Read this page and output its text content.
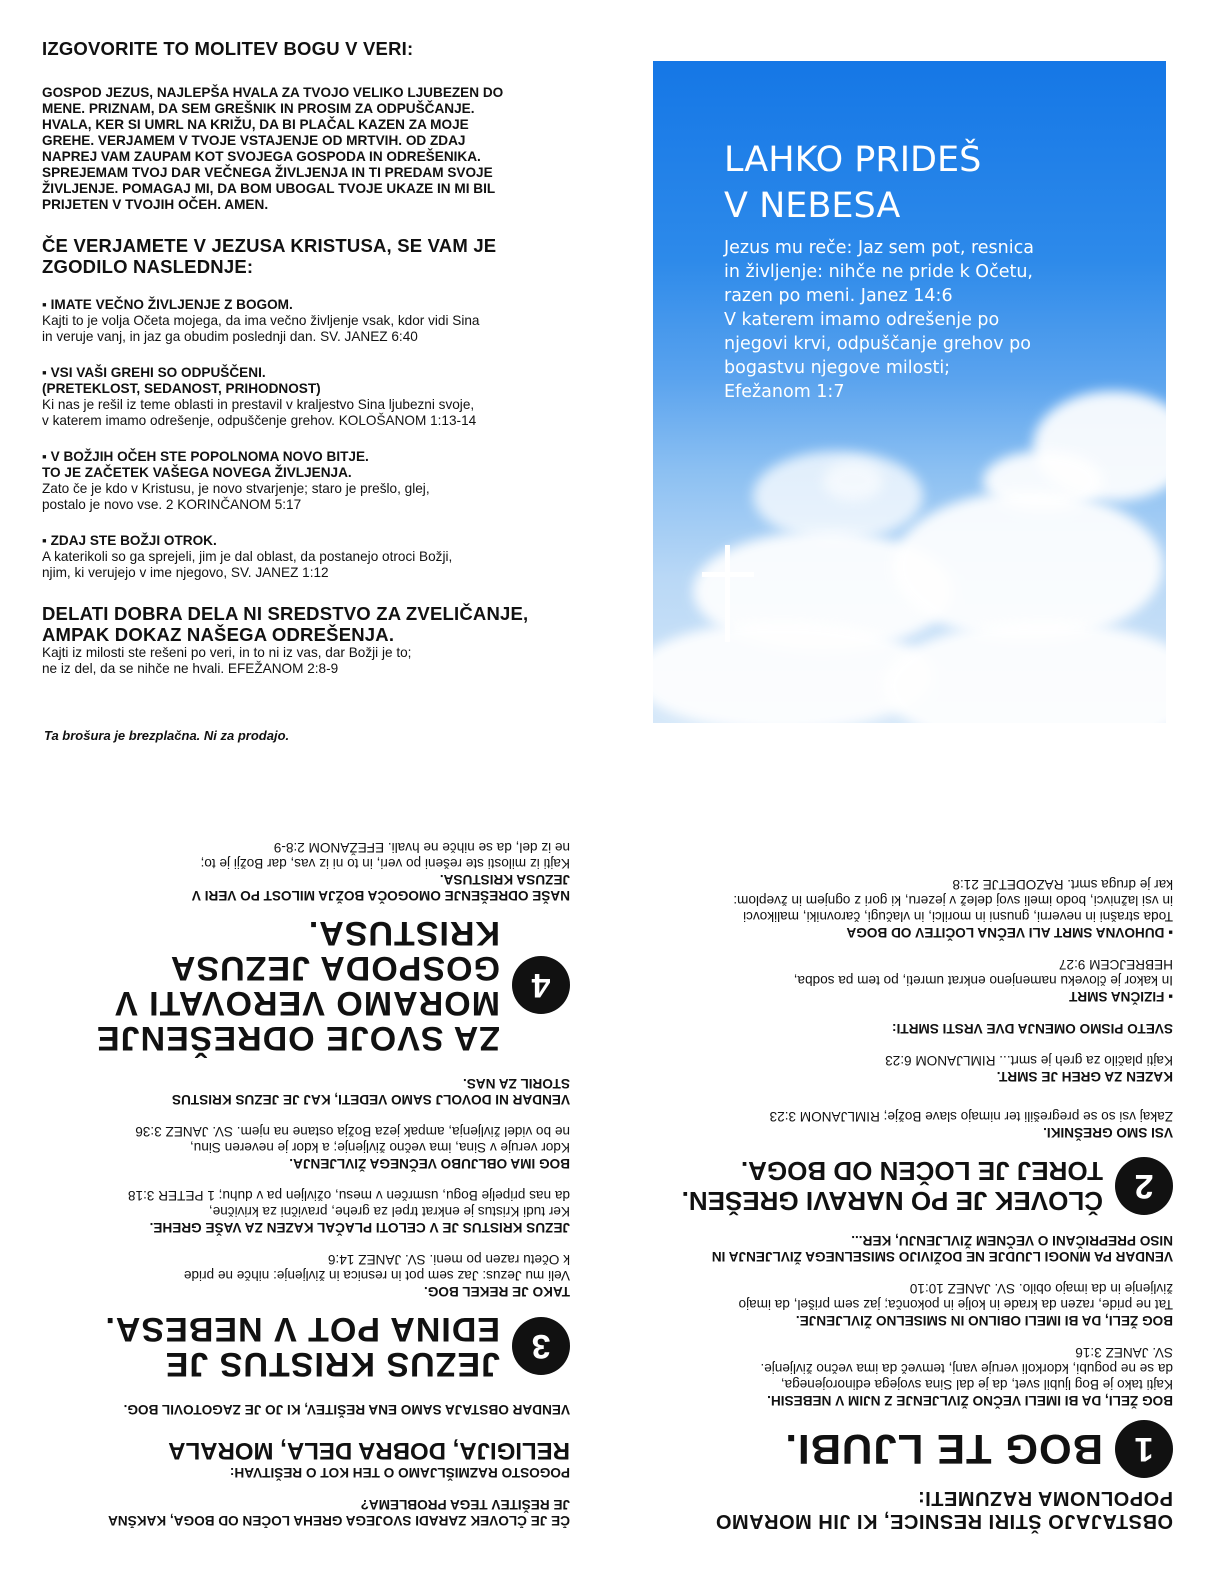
IZGOVORITE TO MOLITEV BOGU V VERI:

GOSPOD JEZUS, NAJLEPŠA HVALA ZA TVOJO VELIKO LJUBEZEN DO

MENE. PRIZNAM, DA SEM GREŠNIK IN PROSIM ZA ODPUŠČANJE.

HVALA, KER SI UMRL NA KRIŽU, DA BI PLAČAL KAZEN ZA MOJE

GREHE. VERJAMEM V TVOJE VSTAJENJE OD MRTVIH. OD ZDAJ

NAPREJ VAM ZAUPAM KOT SVOJEGA GOSPODA IN ODREŠENIKA.

SPREJEMAM TVOJ DAR VEČNEGA ŽIVLJENJA IN TI PREDAM SVOJE

ŽIVLJENJE. POMAGAJ MI, DA BOM UBOGAL TVOJE UKAZE IN MI BIL

PRIJETEN V TVOJIH OČEH. AMEN.

ČE VERJAMETE V JEZUSA KRISTUSA, SE VAM JE

ZGODILO NASLEDNJE:

▪ IMATE VEČNO ŽIVLJENJE Z BOGOM.

Kajti to je volja Očeta mojega, da ima večno življenje vsak, kdor vidi Sina

in veruje vanj, in jaz ga obudim poslednji dan. SV. JANEZ 6:40

▪ VSI VAŠI GREHI SO ODPUŠČENI.

(PRETEKLOST, SEDANOST, PRIHODNOST)

Ki nas je rešil iz teme oblasti in prestavil v kraljestvo Sina ljubezni svoje,

v katerem imamo odrešenje, odpuščenje grehov. KOLOŠANOM 1:13-14

▪ V BOŽJIH OČEH STE POPOLNOMA NOVO BITJE.

TO JE ZAČETEK VAŠEGA NOVEGA ŽIVLJENJA.

Zato če je kdo v Kristusu, je novo stvarjenje; staro je prešlo, glej,

postalo je novo vse. 2 KORINČANOM 5:17

▪ ZDAJ STE BOŽJI OTROK.

A katerikoli so ga sprejeli, jim je dal oblast, da postanejo otroci Božji,

njim, ki verujejo v ime njegovo, SV. JANEZ 1:12

DELATI DOBRA DELA NI SREDSTVO ZA ZVELIČANJE,

AMPAK DOKAZ NAŠEGA ODREŠENJA.

Kajti iz milosti ste rešeni po veri, in to ni iz vas, dar Božji je to;

ne iz del, da se nihče ne hvali. EFEŽANOM 2:8-9

Ta brošura je brezplačna. Ni za prodajo.

LAHKO PRIDEŠ
V NEBESA

Jezus mu reče: Jaz sem pot, resnica
in življenje: nihče ne pride k Očetu,
razen po meni. Janez 14:6
V katerem imamo odrešenje po
njegovi krvi, odpuščanje grehov po
bogastvu njegove milosti;
Efežanom 1:7

ČE JE ČLOVEK ZARADI SVOJEGA GREHA LOČEN OD BOGA, KAKŠNA

JE REŠITEV TEGA PROBLEMA?

POGOSTO RAZMIŠLJAMO O TEH KOT O REŠITVAH:

RELIGIJA, DOBRA DELA, MORALA

VENDAR OBSTAJA SAMO ENA REŠITEV, KI JO JE ZAGOTOVIL BOG.

3

JEZUS KRISTUS JE

EDINA POT V NEBESA.

TAKO JE REKEL BOG.

Veli mu Jezus: Jaz sem pot in resnica in življenje: nihče ne pride

k Očetu razen po meni. SV. JANEZ 14:6

JEZUS KRISTUS JE V CELOTI PLAČAL KAZEN ZA VAŠE GREHE.

Ker tudi Kristus je enkrat trpel za grehe, pravični za krivične,

da nas pripelje Bogu, usmrčen v mesu, oživljen pa v duhu; 1 PETER 3:18

BOG IMA OBLJUBO VEČNEGA ŽIVLJENJA.

Kdor veruje v Sina, ima večno življenje; a kdor je neveren Sinu,

ne bo videl življenja, ampak jeza Božja ostane na njem. SV. JANEZ 3:36

VENDAR NI DOVOLJ SAMO VEDETI, KAJ JE JEZUS KRISTUS

STORIL ZA NAS.

4

ZA SVOJE ODREŠENJE

MORAMO VEROVATI V

GOSPODA JEZUSA KRISTUSA.

NAŠE ODREŠENJE OMOGOČA BOŽJA MILOST PO VERI V

JEZUSA KRISTUSA.

Kajti iz milosti ste rešeni po veri, in to ni iz vas, dar Božji je to;

ne iz del, da se nihče ne hvali. EFEŽANOM 2:8-9

OBSTAJAJO ŠTIRI RESNICE, KI JIH MORAMO

POPOLNOMA RAZUMETI:

1

BOG TE LJUBI.

BOG ŽELI, DA BI IMELI VEČNO ŽIVLJENJE Z NJIM V NEBESIH.

Kajti tako je Bog ljubil svet, da je dal Sina svojega edinorojenega,

da se ne pogubi, kdorkoli veruje vanj, temveč da ima večno življenje.

SV. JANEZ 3:16

BOG ŽELI, DA BI IMELI OBILNO IN SMISELNO ŽIVLJENJE.

Tat ne pride, razen da krade in kolje in pokonča; jaz sem prišel, da imajo

življenje in da imajo obilo. SV. JANEZ 10:10

VENDAR PA MNOGI LJUDJE NE DOŽIVIJO SMISELNEGA ŽIVLJENJA IN

NISO PREPRIČANI O VEČNEM ŽIVLJENJU, KER...

2

ČLOVEK JE PO NARAVI GREŠEN.

TOREJ JE LOČEN OD BOGA.

VSI SMO GREŠNIKI.

Zakaj vsi so se pregrešili ter nimajo slave Božje; RIMLJANOM 3:23

KAZEN ZA GREH JE SMRT.

Kajti plačilo za greh je smrt... RIMLJANOM 6:23

SVETO PISMO OMENJA DVE VRSTI SMRTI:

▪ FIZIČNA SMRT

In kakor je človeku namenjeno enkrat umreti, po tem pa sodba,

HEBREJCEM 9:27

▪ DUHOVNA SMRT ALI VEČNA LOČITEV OD BOGA

Toda strašni in neverni, gnusni in morilci, in vlačugi, čarovniki, malikovci

in vsi lažnivci, bodo imeli svoj delež v jezeru, ki gori z ognjem in žveplom:

kar je druga smrt. RAZODETJE 21:8
